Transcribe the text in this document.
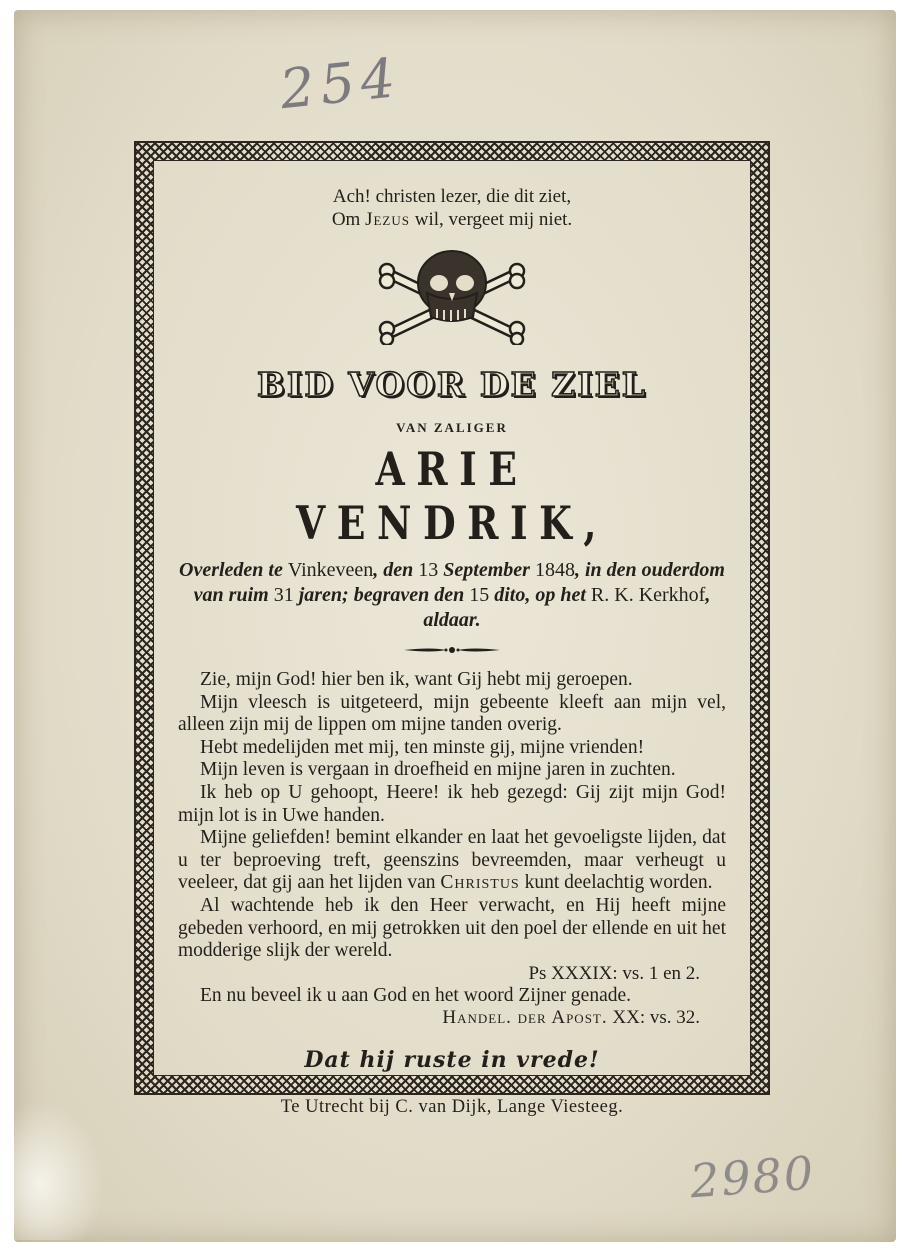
254
2980

Ach! christen lezer, die dit ziet,

Om Jezus wil, vergeet mij niet.

BID VOOR DE ZIEL
VAN ZALIGER
ARIE VENDRIK,
Overleden te Vinkeveen, den 13 September 1848, in den ouderdom van ruim 31 jaren; begraven den 15 dito, op het R. K. Kerkhof, aldaar.

Zie, mijn God! hier ben ik, want Gij hebt mij geroepen.

Mijn vleesch is uitgeteerd, mijn gebeente kleeft aan mijn vel, alleen zijn mij de lippen om mijne tanden overig.

Hebt medelijden met mij, ten minste gij, mijne vrienden!

Mijn leven is vergaan in droefheid en mijne jaren in zuchten.

Ik heb op U gehoopt, Heere! ik heb gezegd: Gij zijt mijn God! mijn lot is in Uwe handen.

Mijne geliefden! bemint elkander en laat het gevoeligste lijden, dat u ter beproeving treft, geenszins bevreemden, maar verheugt u veeleer, dat gij aan het lijden van Christus kunt deelachtig worden.

Al wachtende heb ik den Heer verwacht, en Hij heeft mijne gebeden verhoord, en mij getrokken uit den poel der ellende en uit het modderige slijk der wereld.

Ps XXXIX: vs. 1 en 2.

En nu beveel ik u aan God en het woord Zijner genade.

Handel. der Apost. XX: vs. 32.

Dat hij ruste in vrede!
Te Utrecht bij C. van Dijk, Lange Viesteeg.
